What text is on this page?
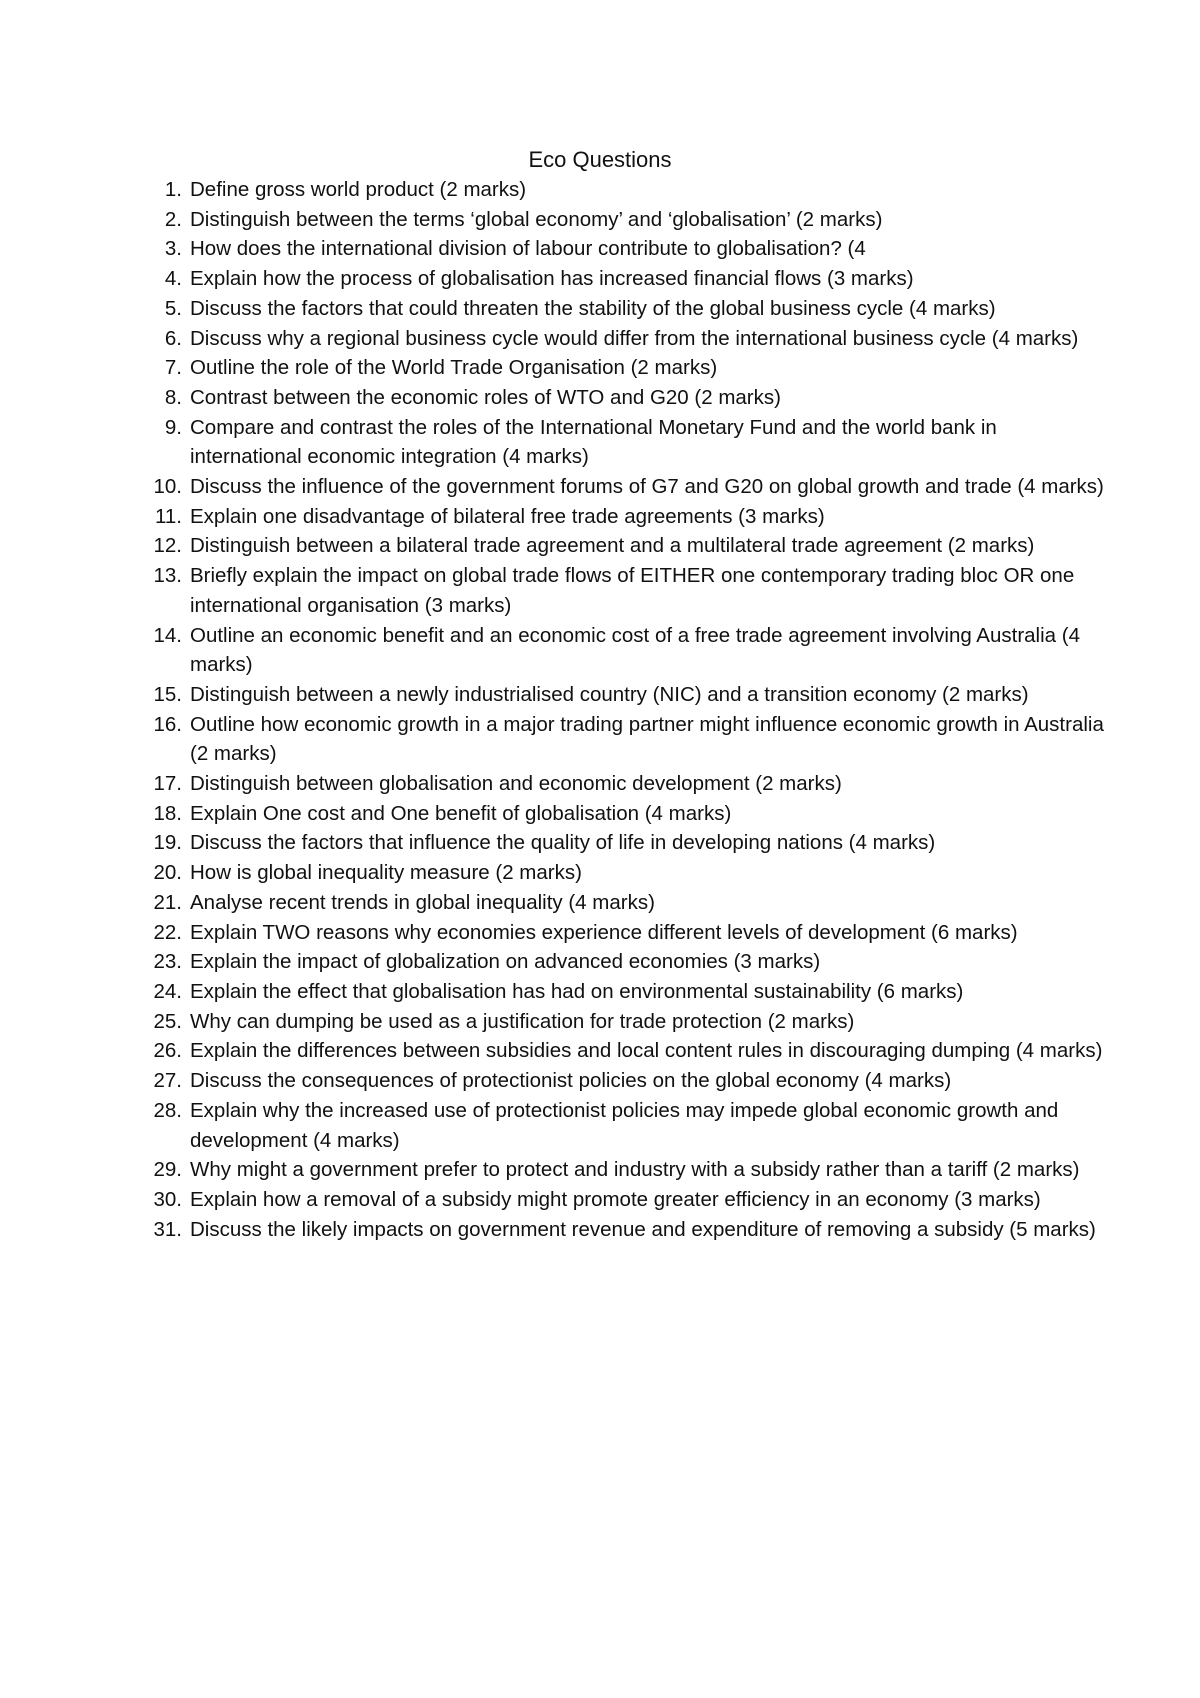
Eco Questions
1. Define gross world product (2 marks)
2. Distinguish between the terms ‘global economy’ and ‘globalisation’ (2 marks)
3. How does the international division of labour contribute to globalisation? (4
4. Explain how the process of globalisation has increased financial flows (3 marks)
5. Discuss the factors that could threaten the stability of the global business cycle (4 marks)
6. Discuss why a regional business cycle would differ from the international business cycle (4 marks)
7. Outline the role of the World Trade Organisation (2 marks)
8. Contrast between the economic roles of WTO and G20 (2 marks)
9. Compare and contrast the roles of the International Monetary Fund and the world bank in international economic integration (4 marks)
10. Discuss the influence of the government forums of G7 and G20 on global growth and trade (4 marks)
11. Explain one disadvantage of bilateral free trade agreements (3 marks)
12. Distinguish between a bilateral trade agreement and a multilateral trade agreement (2 marks)
13. Briefly explain the impact on global trade flows of EITHER one contemporary trading bloc OR one international organisation (3 marks)
14. Outline an economic benefit and an economic cost of a free trade agreement involving Australia (4 marks)
15. Distinguish between a newly industrialised country (NIC) and a transition economy (2 marks)
16. Outline how economic growth in a major trading partner might influence economic growth in Australia (2 marks)
17. Distinguish between globalisation and economic development (2 marks)
18. Explain One cost and One benefit of globalisation (4 marks)
19. Discuss the factors that influence the quality of life in developing nations (4 marks)
20. How is global inequality measure (2 marks)
21. Analyse recent trends in global inequality (4 marks)
22. Explain TWO reasons why economies experience different levels of development (6 marks)
23. Explain the impact of globalization on advanced economies (3 marks)
24. Explain the effect that globalisation has had on environmental sustainability (6 marks)
25. Why can dumping be used as a justification for trade protection (2 marks)
26. Explain the differences between subsidies and local content rules in discouraging dumping (4 marks)
27. Discuss the consequences of protectionist policies on the global economy (4 marks)
28. Explain why the increased use of protectionist policies may impede global economic growth and development (4 marks)
29. Why might a government prefer to protect and industry with a subsidy rather than a tariff (2 marks)
30. Explain how a removal of a subsidy might promote greater efficiency in an economy (3 marks)
31. Discuss the likely impacts on government revenue and expenditure of removing a subsidy (5 marks)
